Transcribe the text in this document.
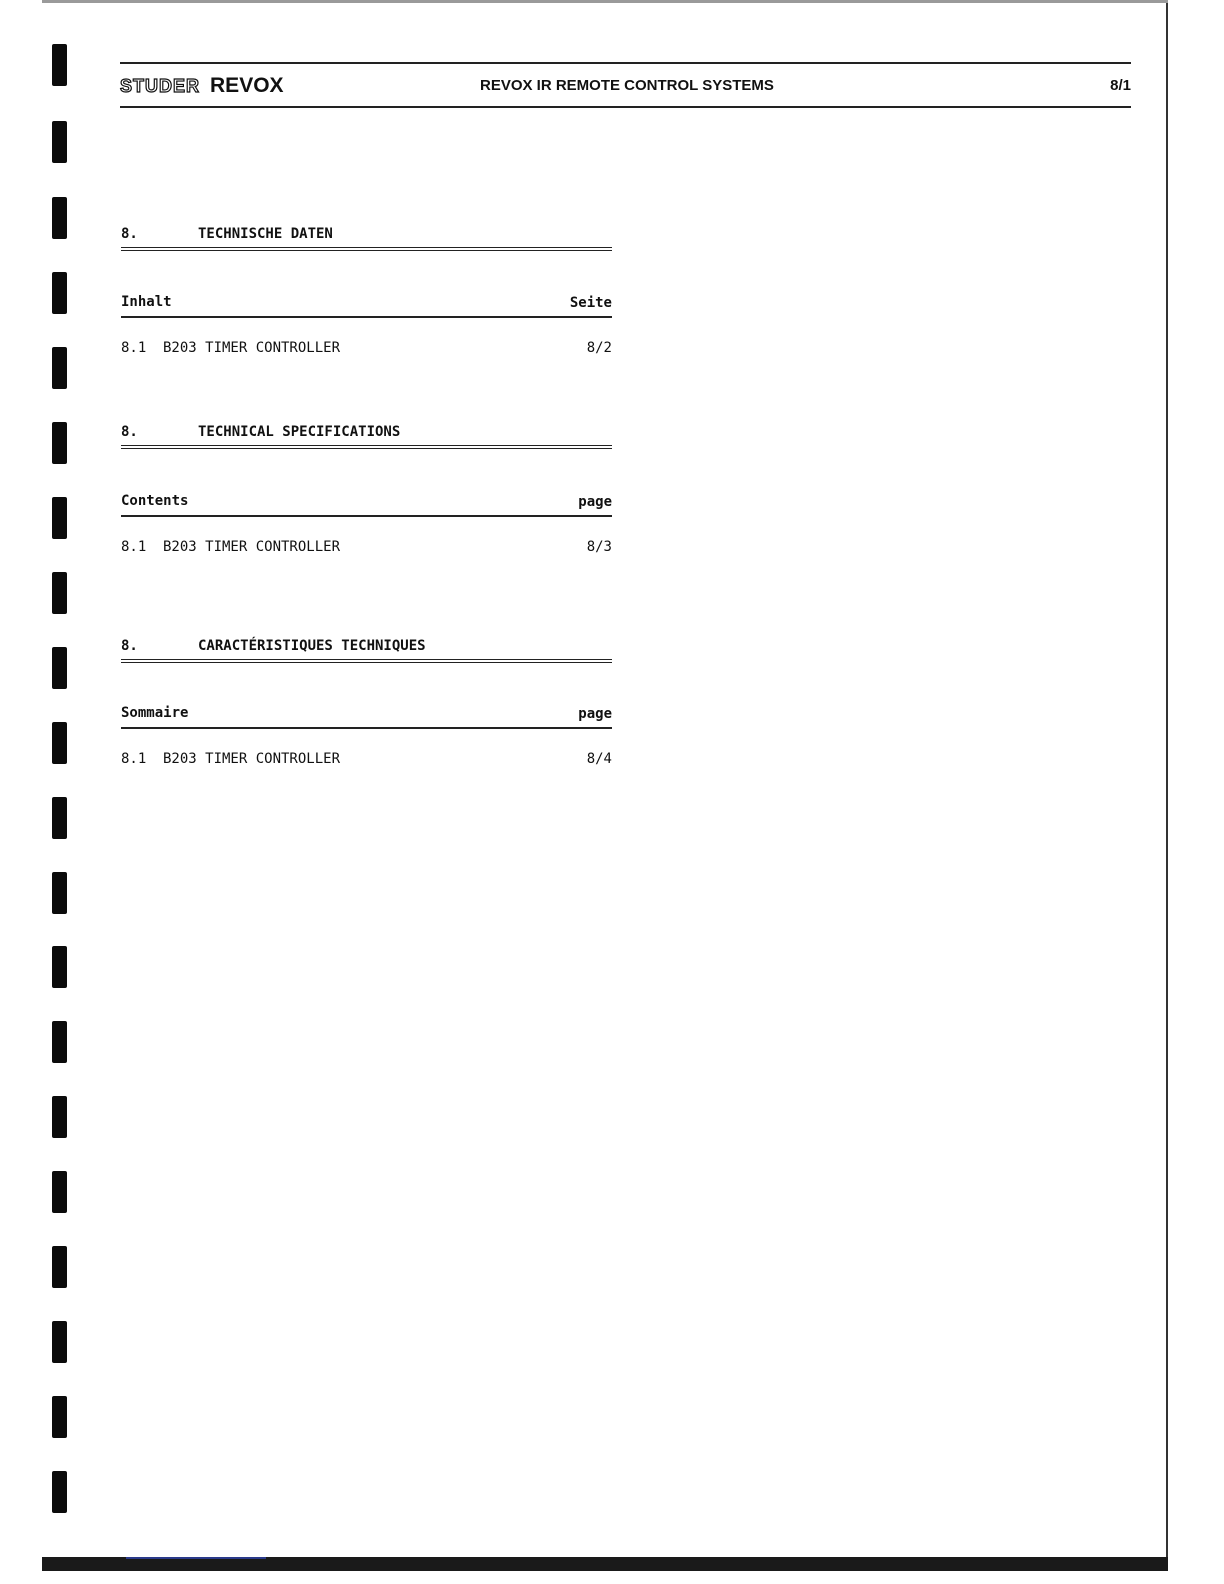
STUDER REVOX	REVOX IR REMOTE CONTROL SYSTEMS	8/1
8.	TECHNISCHE DATEN
Inhalt	Seite
8.1 B203 TIMER CONTROLLER	8/2
8.	TECHNICAL SPECIFICATIONS
Contents	page
8.1 B203 TIMER CONTROLLER	8/3
8.	CARACTÉRISTIQUES TECHNIQUES
Sommaire	page
8.1 B203 TIMER CONTROLLER	8/4
